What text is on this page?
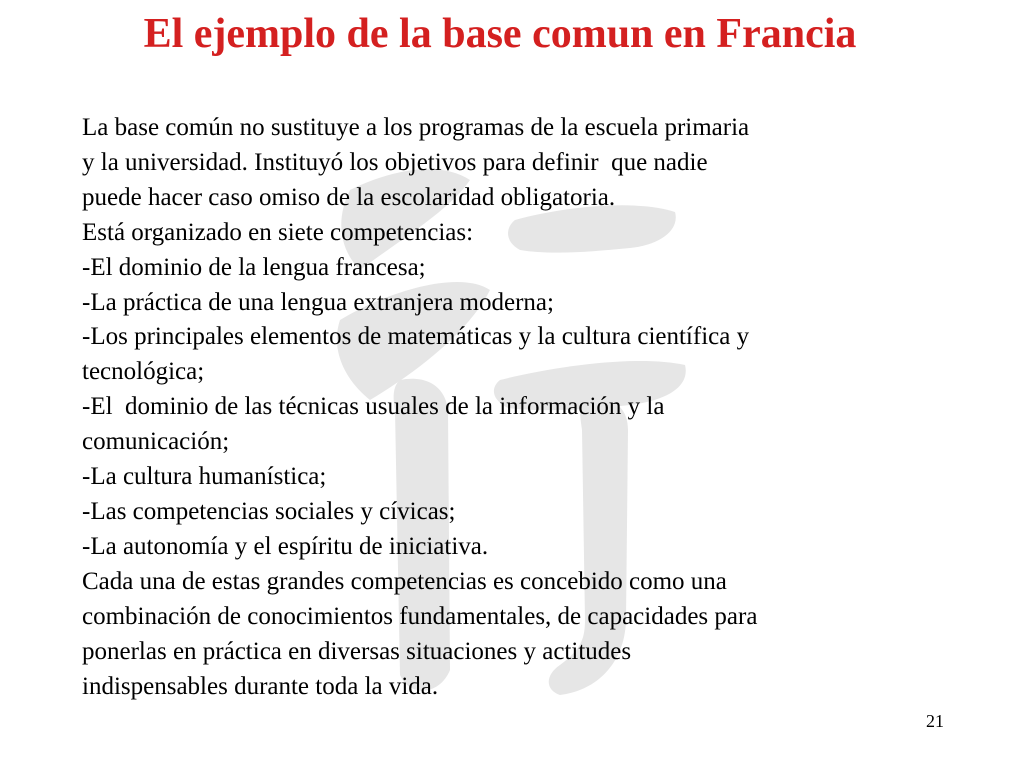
El ejemplo de la base comun en Francia
La base común no sustituye a los programas de la escuela primaria
y la universidad. Instituyó los objetivos para definir  que nadie
puede hacer caso omiso de la escolaridad obligatoria.
Está organizado en siete competencias:
-El dominio de la lengua francesa;
-La práctica de una lengua extranjera moderna;
-Los principales elementos de matemáticas y la cultura científica y
tecnológica;
-El  dominio de las técnicas usuales de la información y la
comunicación;
-La cultura humanística;
-Las competencias sociales y cívicas;
-La autonomía y el espíritu de iniciativa.
Cada una de estas grandes competencias es concebido como una
combinación de conocimientos fundamentales, de capacidades para
ponerlas en práctica en diversas situaciones y actitudes
indispensables durante toda la vida.
21
